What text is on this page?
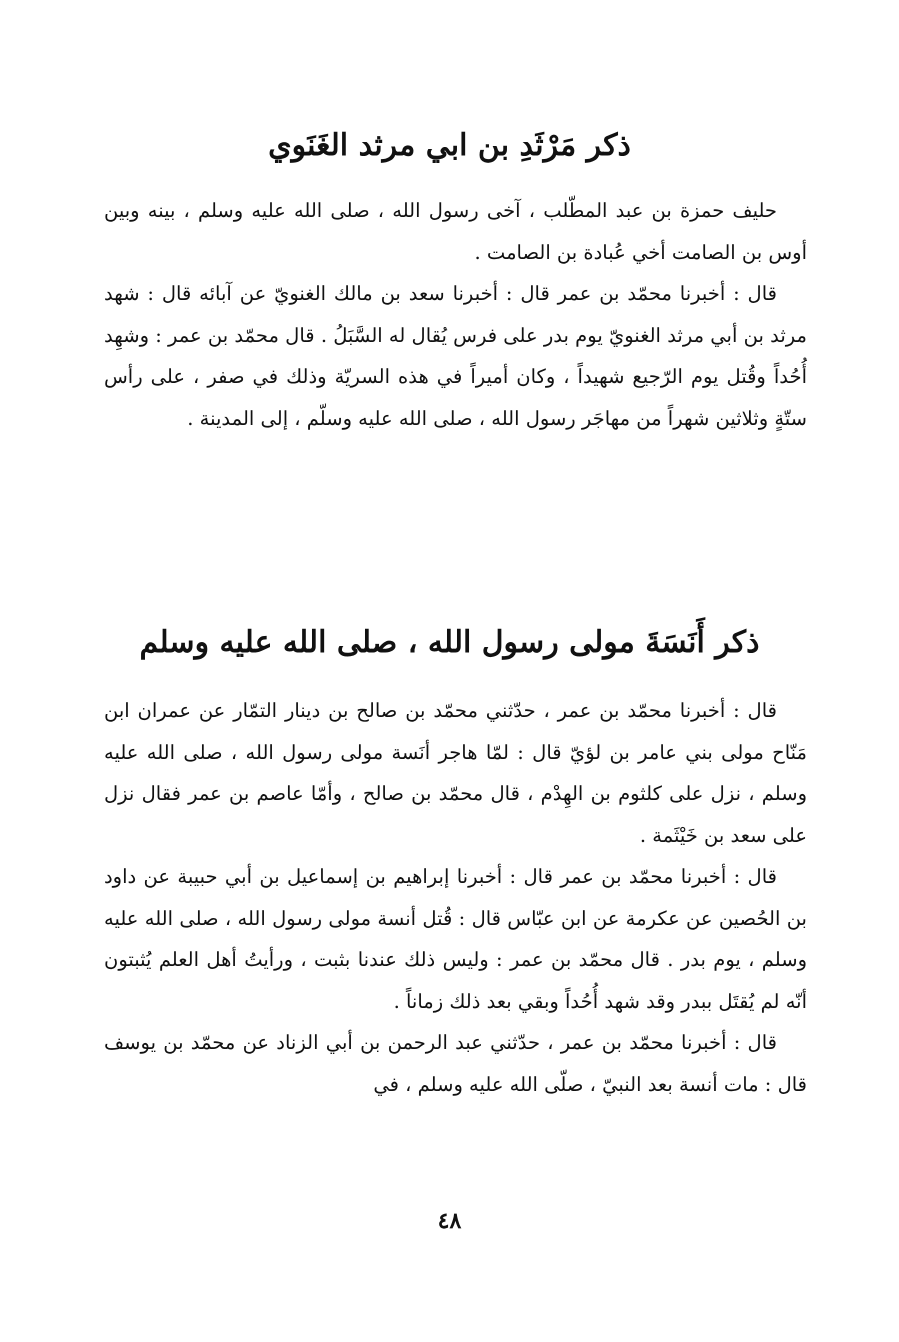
ذكر مَرْثَدِ بن ابي مرثد الغَنَوي

حليف حمزة بن عبد المطّلب ، آخى رسول الله ، صلى الله عليه وسلم ، بينه وبين أوس بن الصامت أخي عُبادة بن الصامت .

قال : أخبرنا محمّد بن عمر قال : أخبرنا سعد بن مالك الغنويّ عن آبائه قال : شهد مرثد بن أبي مرثد الغنويّ يوم بدر على فرس يُقال له السَّبَلُ . قال محمّد بن عمر : وشهِد أُحُداً وقُتل يوم الرّجيع شهيداً ، وكان أميراً في هذه السريّة وذلك في صفر ، على رأس ستّةٍ وثلاثين شهراً من مهاجَر رسول الله ، صلى الله عليه وسلّم ، إلى المدينة .

ذكر أَنَسَةَ مولى رسول الله ، صلى الله عليه وسلم

قال : أخبرنا محمّد بن عمر ، حدّثني محمّد بن صالح بن دينار التمّار عن عمران ابن مَنّاح مولى بني عامر بن لؤيّ قال : لمّا هاجر أنَسة مولى رسول الله ، صلى الله عليه وسلم ، نزل على كلثوم بن الهِدْم ، قال محمّد بن صالح ، وأمّا عاصم بن عمر فقال نزل على سعد بن خَيْثَمة .

قال : أخبرنا محمّد بن عمر قال : أخبرنا إبراهيم بن إسماعيل بن أبي حبيبة عن داود بن الحُصين عن عكرمة عن ابن عبّاس قال : قُتل أنسة مولى رسول الله ، صلى الله عليه وسلم ، يوم بدر . قال محمّد بن عمر : وليس ذلك عندنا بثبت ، ورأيتُ أهل العلم يُثبتون أنّه لم يُقتَل ببدر وقد شهد أُحُداً وبقي بعد ذلك زماناً .

قال : أخبرنا محمّد بن عمر ، حدّثني عبد الرحمن بن أبي الزناد عن محمّد بن يوسف قال : مات أنسة بعد النبيّ ، صلّى الله عليه وسلم ، في

٤٨
